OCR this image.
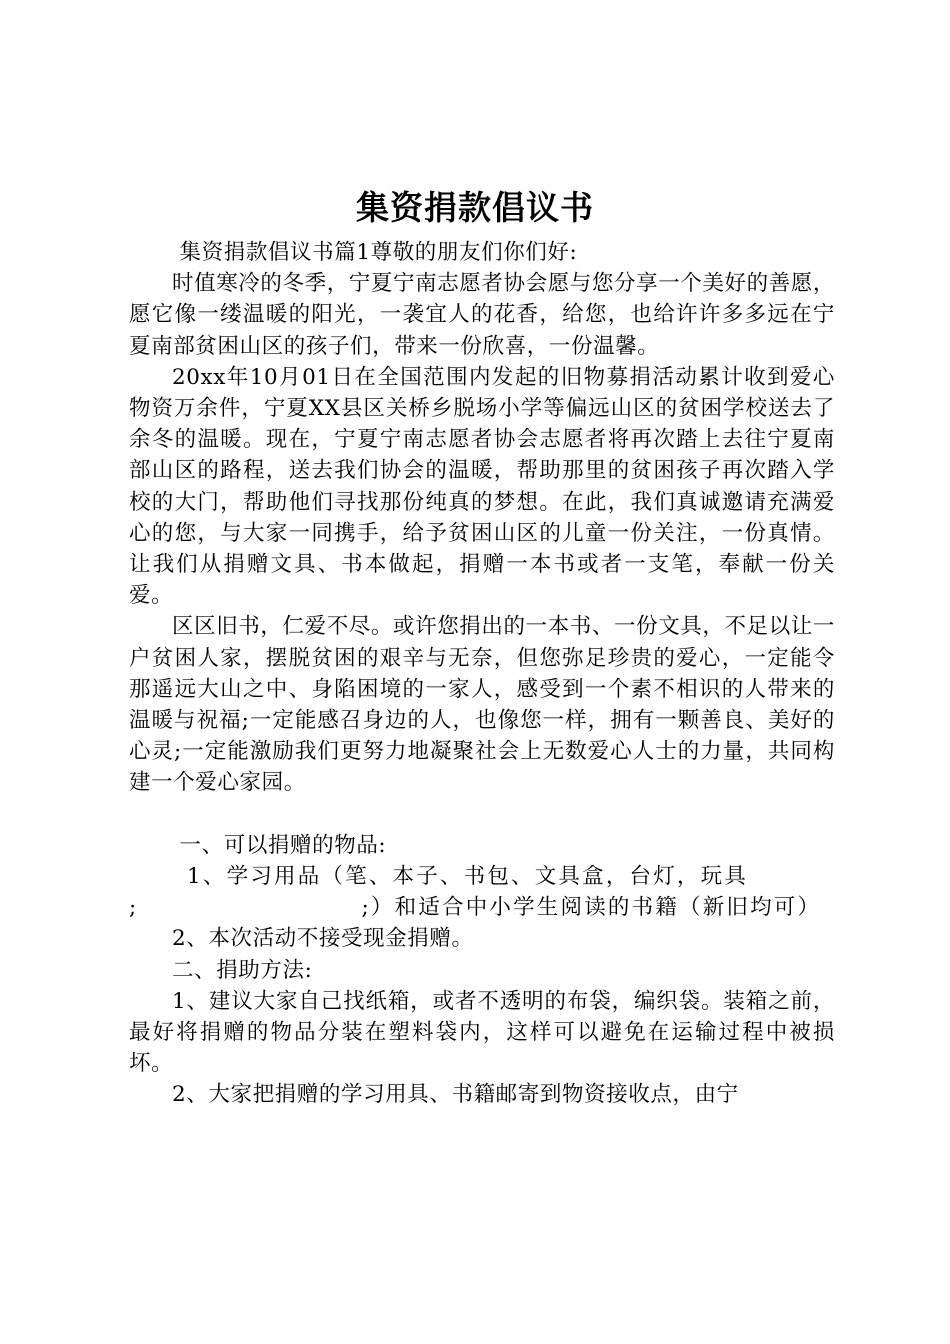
集资捐款倡议书

集资捐款倡议书篇1尊敬的朋友们你们好:

时值寒冷的冬季，宁夏宁南志愿者协会愿与您分享一个美好的善愿，愿它像一缕温暖的阳光，一袭宜人的花香，给您，也给许许多多远在宁夏南部贫困山区的孩子们，带来一份欣喜，一份温馨。

20xx年10月01日在全国范围内发起的旧物募捐活动累计收到爱心物资万余件，宁夏XX县区关桥乡脱场小学等偏远山区的贫困学校送去了余冬的温暖。现在，宁夏宁南志愿者协会志愿者将再次踏上去往宁夏南部山区的路程，送去我们协会的温暖，帮助那里的贫困孩子再次踏入学校的大门，帮助他们寻找那份纯真的梦想。在此，我们真诚邀请充满爱心的您，与大家一同携手，给予贫困山区的儿童一份关注，一份真情。让我们从捐赠文具、书本做起，捐赠一本书或者一支笔，奉献一份关爱。

区区旧书，仁爱不尽。或许您捐出的一本书、一份文具，不足以让一户贫困人家，摆脱贫困的艰辛与无奈，但您弥足珍贵的爱心，一定能令那遥远大山之中、身陷困境的一家人，感受到一个素不相识的人带来的温暖与祝福;一定能感召身边的人，也像您一样，拥有一颗善良、美好的心灵;一定能激励我们更努力地凝聚社会上无数爱心人士的力量，共同构建一个爱心家园。

一、可以捐赠的物品:

1、学习用品（笔、本子、书包、文具盒，台灯，玩具
;	;）和适合中小学生阅读的书籍（新旧均可）

2、本次活动不接受现金捐赠。

二、捐助方法:

1、建议大家自己找纸箱，或者不透明的布袋，编织袋。装箱之前，最好将捐赠的物品分装在塑料袋内，这样可以避免在运输过程中被损坏。

2、大家把捐赠的学习用具、书籍邮寄到物资接收点，由宁
